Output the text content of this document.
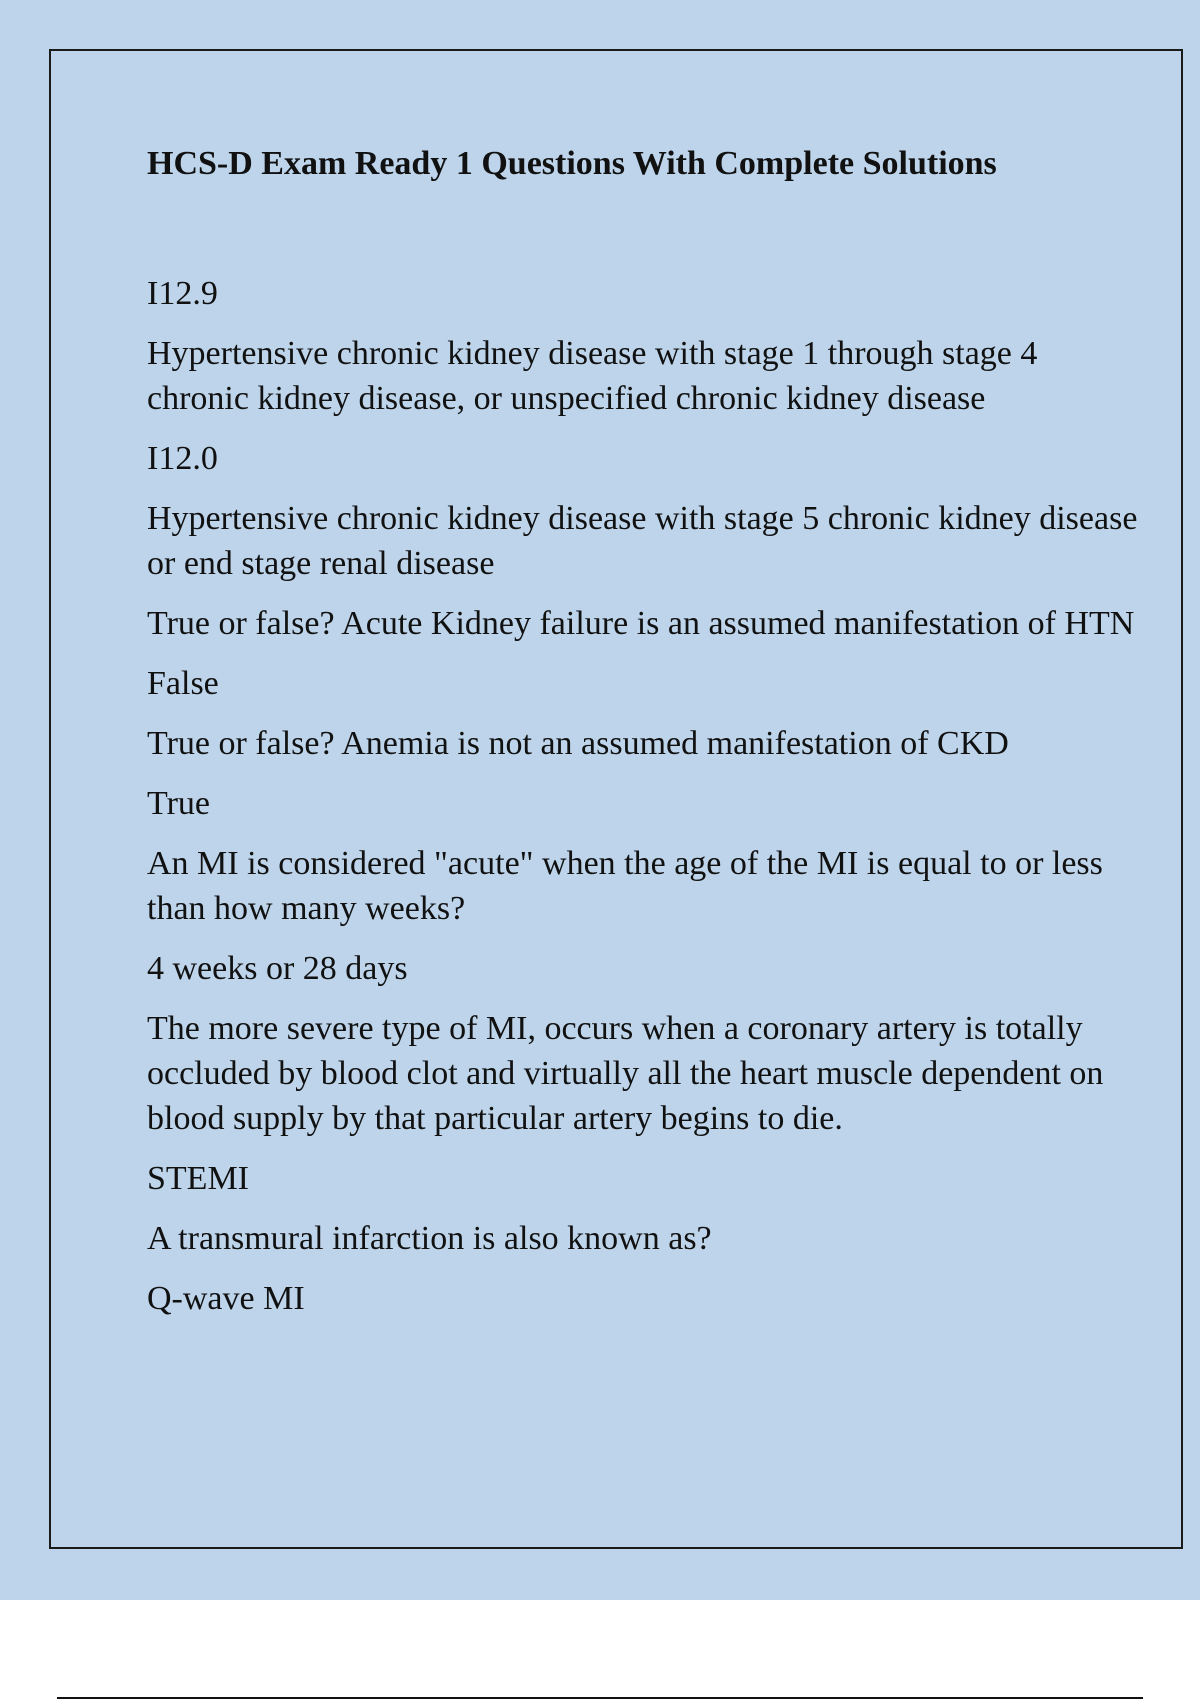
HCS-D Exam Ready 1 Questions With Complete Solutions
I12.9
Hypertensive chronic kidney disease with stage 1 through stage 4 chronic kidney disease, or unspecified chronic kidney disease
I12.0
Hypertensive chronic kidney disease with stage 5 chronic kidney disease or end stage renal disease
True or false? Acute Kidney failure is an assumed manifestation of HTN
False
True or false? Anemia is not an assumed manifestation of CKD
True
An MI is considered "acute" when the age of the MI is equal to or less than how many weeks?
4 weeks or 28 days
The more severe type of MI, occurs when a coronary artery is totally occluded by blood clot and virtually all the heart muscle dependent on blood supply by that particular artery begins to die.
STEMI
A transmural infarction is also known as?
Q-wave MI
